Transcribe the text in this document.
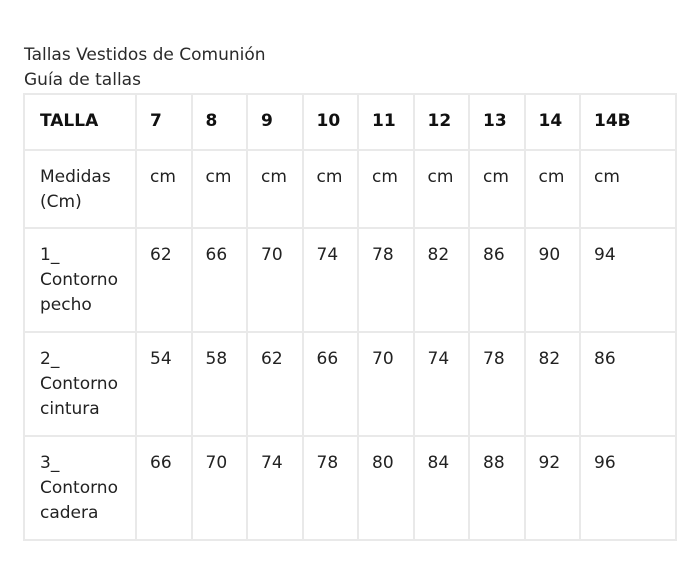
Tallas Vestidos de Comunión
Guía de tallas
TALLA	7	8	9	10	11	12	13	14	14B

Medidas
(Cm)	cm	cm	cm	cm	cm	cm	cm	cm	cm

1_
Contorno
pecho	62	66	70	74	78	82	86	90	94

2_
Contorno
cintura	54	58	62	66	70	74	78	82	86

3_
Contorno
cadera	66	70	74	78	80	84	88	92	96
